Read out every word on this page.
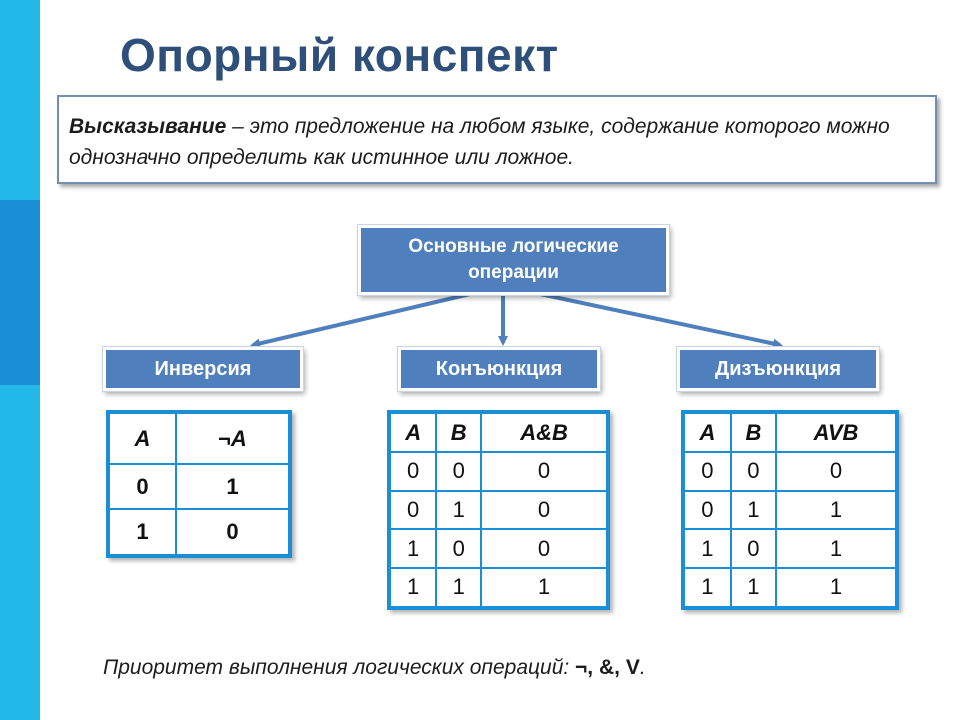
Опорный конспект
Высказывание – это предложение на любом языке, содержание которого можно однозначно определить как истинное или ложное.
Основные логические операции
Инверсия	Конъюнкция	Дизъюнкция
A	¬A
0	1
1	0
A	B	A&B
0	0	0
0	1	0
1	0	0
1	1	1
A	B	AVB
0	0	0
0	1	1
1	0	1
1	1	1
Приоритет выполнения логических операций: ¬, &, V.
